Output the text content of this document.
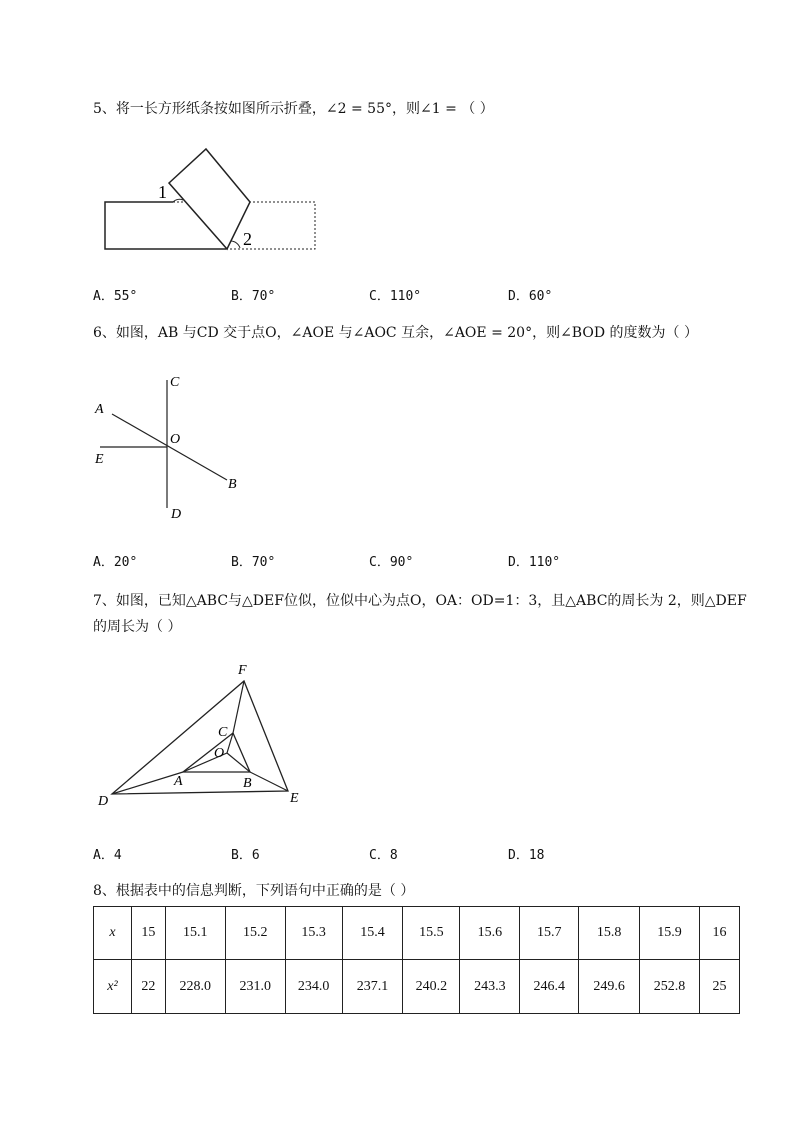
5、将一长方形纸条按如图所示折叠，∠2 = 55°，则∠1 = （ ）
1
2
A．55°	B．70°	C．110°	D．60°
6、如图，AB 与CD 交于点O，∠AOE 与∠AOC 互余，∠AOE = 20°，则∠BOD 的度数为（ ）
C
A
O
E
B
D
A．20°	B．70°	C．90°	D．110°
7、如图，已知△ABC与△DEF位似，位似中心为点O，OA：OD=1：3，且△ABC的周长为 2，则△DEF
的周长为（ ）
F
C
O
A	B
E
D
A．4	B．6	C．8	D．18
8、根据表中的信息判断，下列语句中正确的是（ ）
x	15	15.1	15.2	15.3	15.4	15.5	15.6	15.7	15.8	15.9	16
x²	22	228.0	231.0	234.0	237.1	240.2	243.3	246.4	249.6	252.8	25
